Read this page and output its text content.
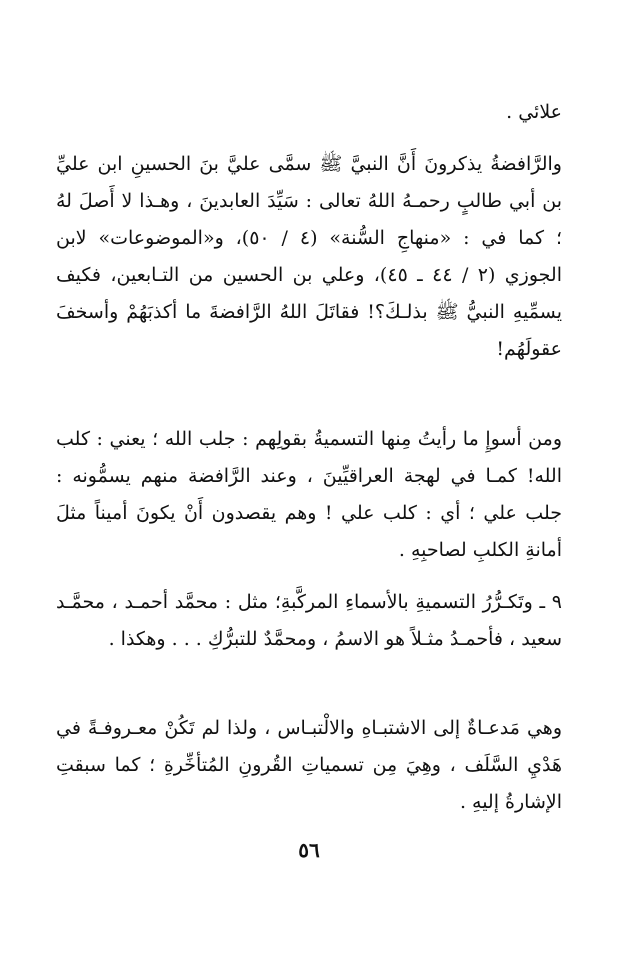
علائي .

والرَّافضةُ يذكرونَ أَنَّ النبيَّ ﷺ سمَّى عليَّ بنَ الحسينِ ابن عليِّ بن أبي طالبٍ رحمـهُ اللهُ تعالى : سَيِّدَ العابدينَ ، وهـذا لا أَصلَ لهُ ؛ كما في : «منهاجِ السُّنة» (٤ / ٥٠)، و«الموضوعات» لابن الجوزي (٢ / ٤٤ ـ ٤٥)، وعلي بن الحسين من التـابعين، فكيف يسمِّيهِ النبيُّ ﷺ بذلـكَ؟! فقاتَلَ اللهُ الرَّافضةَ ما أكذبَهُمْ وأسخفَ عقولَهُم!

ومن أسوإِ ما رأيتُ مِنها التسميةُ بقولِهم : جلب الله ؛ يعني : كلب الله! كمـا في لهجة العراقيِّينَ ، وعند الرَّافضة منهم يسمُّونه : جلب علي ؛ أي : كلب علي ! وهم يقصدون أَنْ يكونَ أميناً مثلَ أمانةِ الكلبِ لصاحبِهِ .

٩ ـ وتَكـرُّرُ التسميةِ بالأسماءِ المركَّبةِ؛ مثل : محمَّد أحمـد ، محمَّـد سعيد ، فأحمـدُ مثـلاً هو الاسمُ ، ومحمَّدٌ للتبرُّكِ . . . وهكذا .

وهي مَدعـاةٌ إلى الاشتبـاهِ والالْتبـاس ، ولذا لم تَكُنْ معـروفـةً في هَدْيِ السَّلَف ، وهِيَ مِن تسمياتِ القُرونِ المُتأخِّرةِ ؛ كما سبقتِ الإشارةُ إليهِ .

٥٦
